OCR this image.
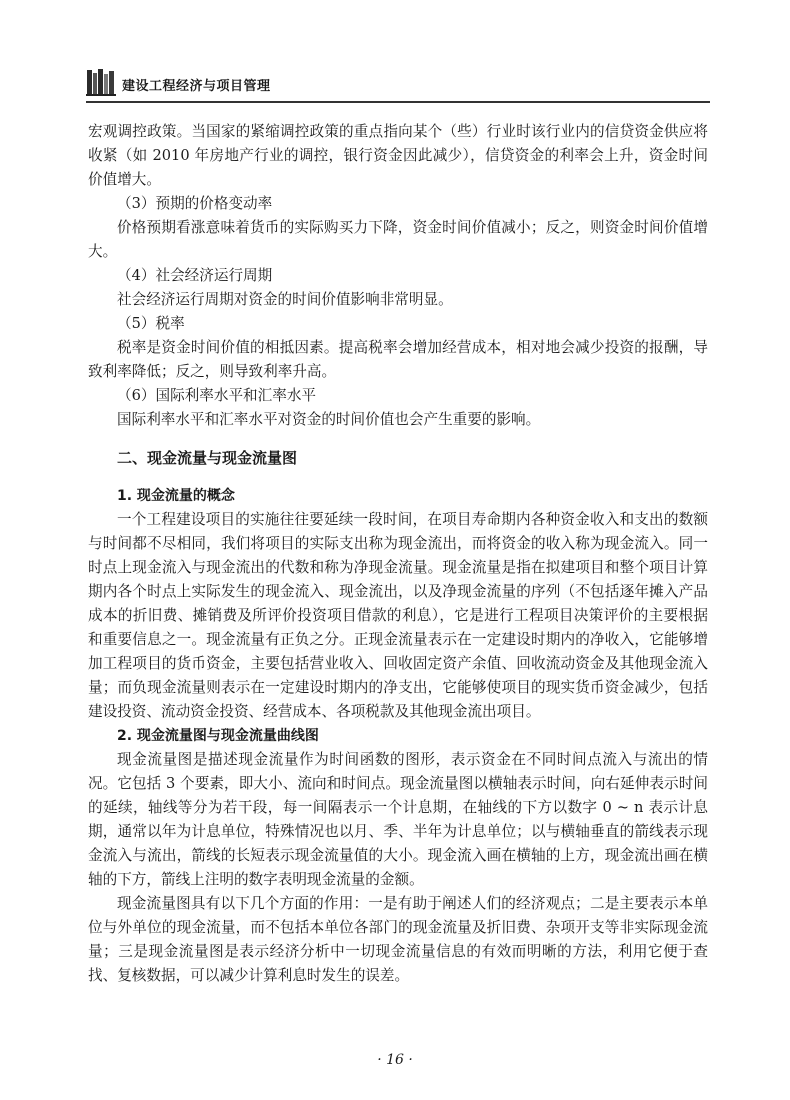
建设工程经济与项目管理

宏观调控政策。当国家的紧缩调控政策的重点指向某个（些）行业时该行业内的信贷资金供应将收紧（如 2010 年房地产行业的调控，银行资金因此减少），信贷资金的利率会上升，资金时间价值增大。

（3）预期的价格变动率

价格预期看涨意味着货币的实际购买力下降，资金时间价值减小；反之，则资金时间价值增大。

（4）社会经济运行周期

社会经济运行周期对资金的时间价值影响非常明显。

（5）税率

税率是资金时间价值的相抵因素。提高税率会增加经营成本，相对地会减少投资的报酬，导致利率降低；反之，则导致利率升高。

（6）国际利率水平和汇率水平

国际利率水平和汇率水平对资金的时间价值也会产生重要的影响。

二、现金流量与现金流量图

1. 现金流量的概念

一个工程建设项目的实施往往要延续一段时间，在项目寿命期内各种资金收入和支出的数额与时间都不尽相同，我们将项目的实际支出称为现金流出，而将资金的收入称为现金流入。同一时点上现金流入与现金流出的代数和称为净现金流量。现金流量是指在拟建项目和整个项目计算期内各个时点上实际发生的现金流入、现金流出，以及净现金流量的序列（不包括逐年摊入产品成本的折旧费、摊销费及所评价投资项目借款的利息），它是进行工程项目决策评价的主要根据和重要信息之一。现金流量有正负之分。正现金流量表示在一定建设时期内的净收入，它能够增加工程项目的货币资金，主要包括营业收入、回收固定资产余值、回收流动资金及其他现金流入量；而负现金流量则表示在一定建设时期内的净支出，它能够使项目的现实货币资金减少，包括建设投资、流动资金投资、经营成本、各项税款及其他现金流出项目。

2. 现金流量图与现金流量曲线图

现金流量图是描述现金流量作为时间函数的图形，表示资金在不同时间点流入与流出的情况。它包括 3 个要素，即大小、流向和时间点。现金流量图以横轴表示时间，向右延伸表示时间的延续，轴线等分为若干段，每一间隔表示一个计息期，在轴线的下方以数字 0 ~ n 表示计息期，通常以年为计息单位，特殊情况也以月、季、半年为计息单位；以与横轴垂直的箭线表示现金流入与流出，箭线的长短表示现金流量值的大小。现金流入画在横轴的上方，现金流出画在横轴的下方，箭线上注明的数字表明现金流量的金额。

现金流量图具有以下几个方面的作用：一是有助于阐述人们的经济观点；二是主要表示本单位与外单位的现金流量，而不包括本单位各部门的现金流量及折旧费、杂项开支等非实际现金流量；三是现金流量图是表示经济分析中一切现金流量信息的有效而明晰的方法，利用它便于查找、复核数据，可以减少计算利息时发生的误差。

· 16 ·
